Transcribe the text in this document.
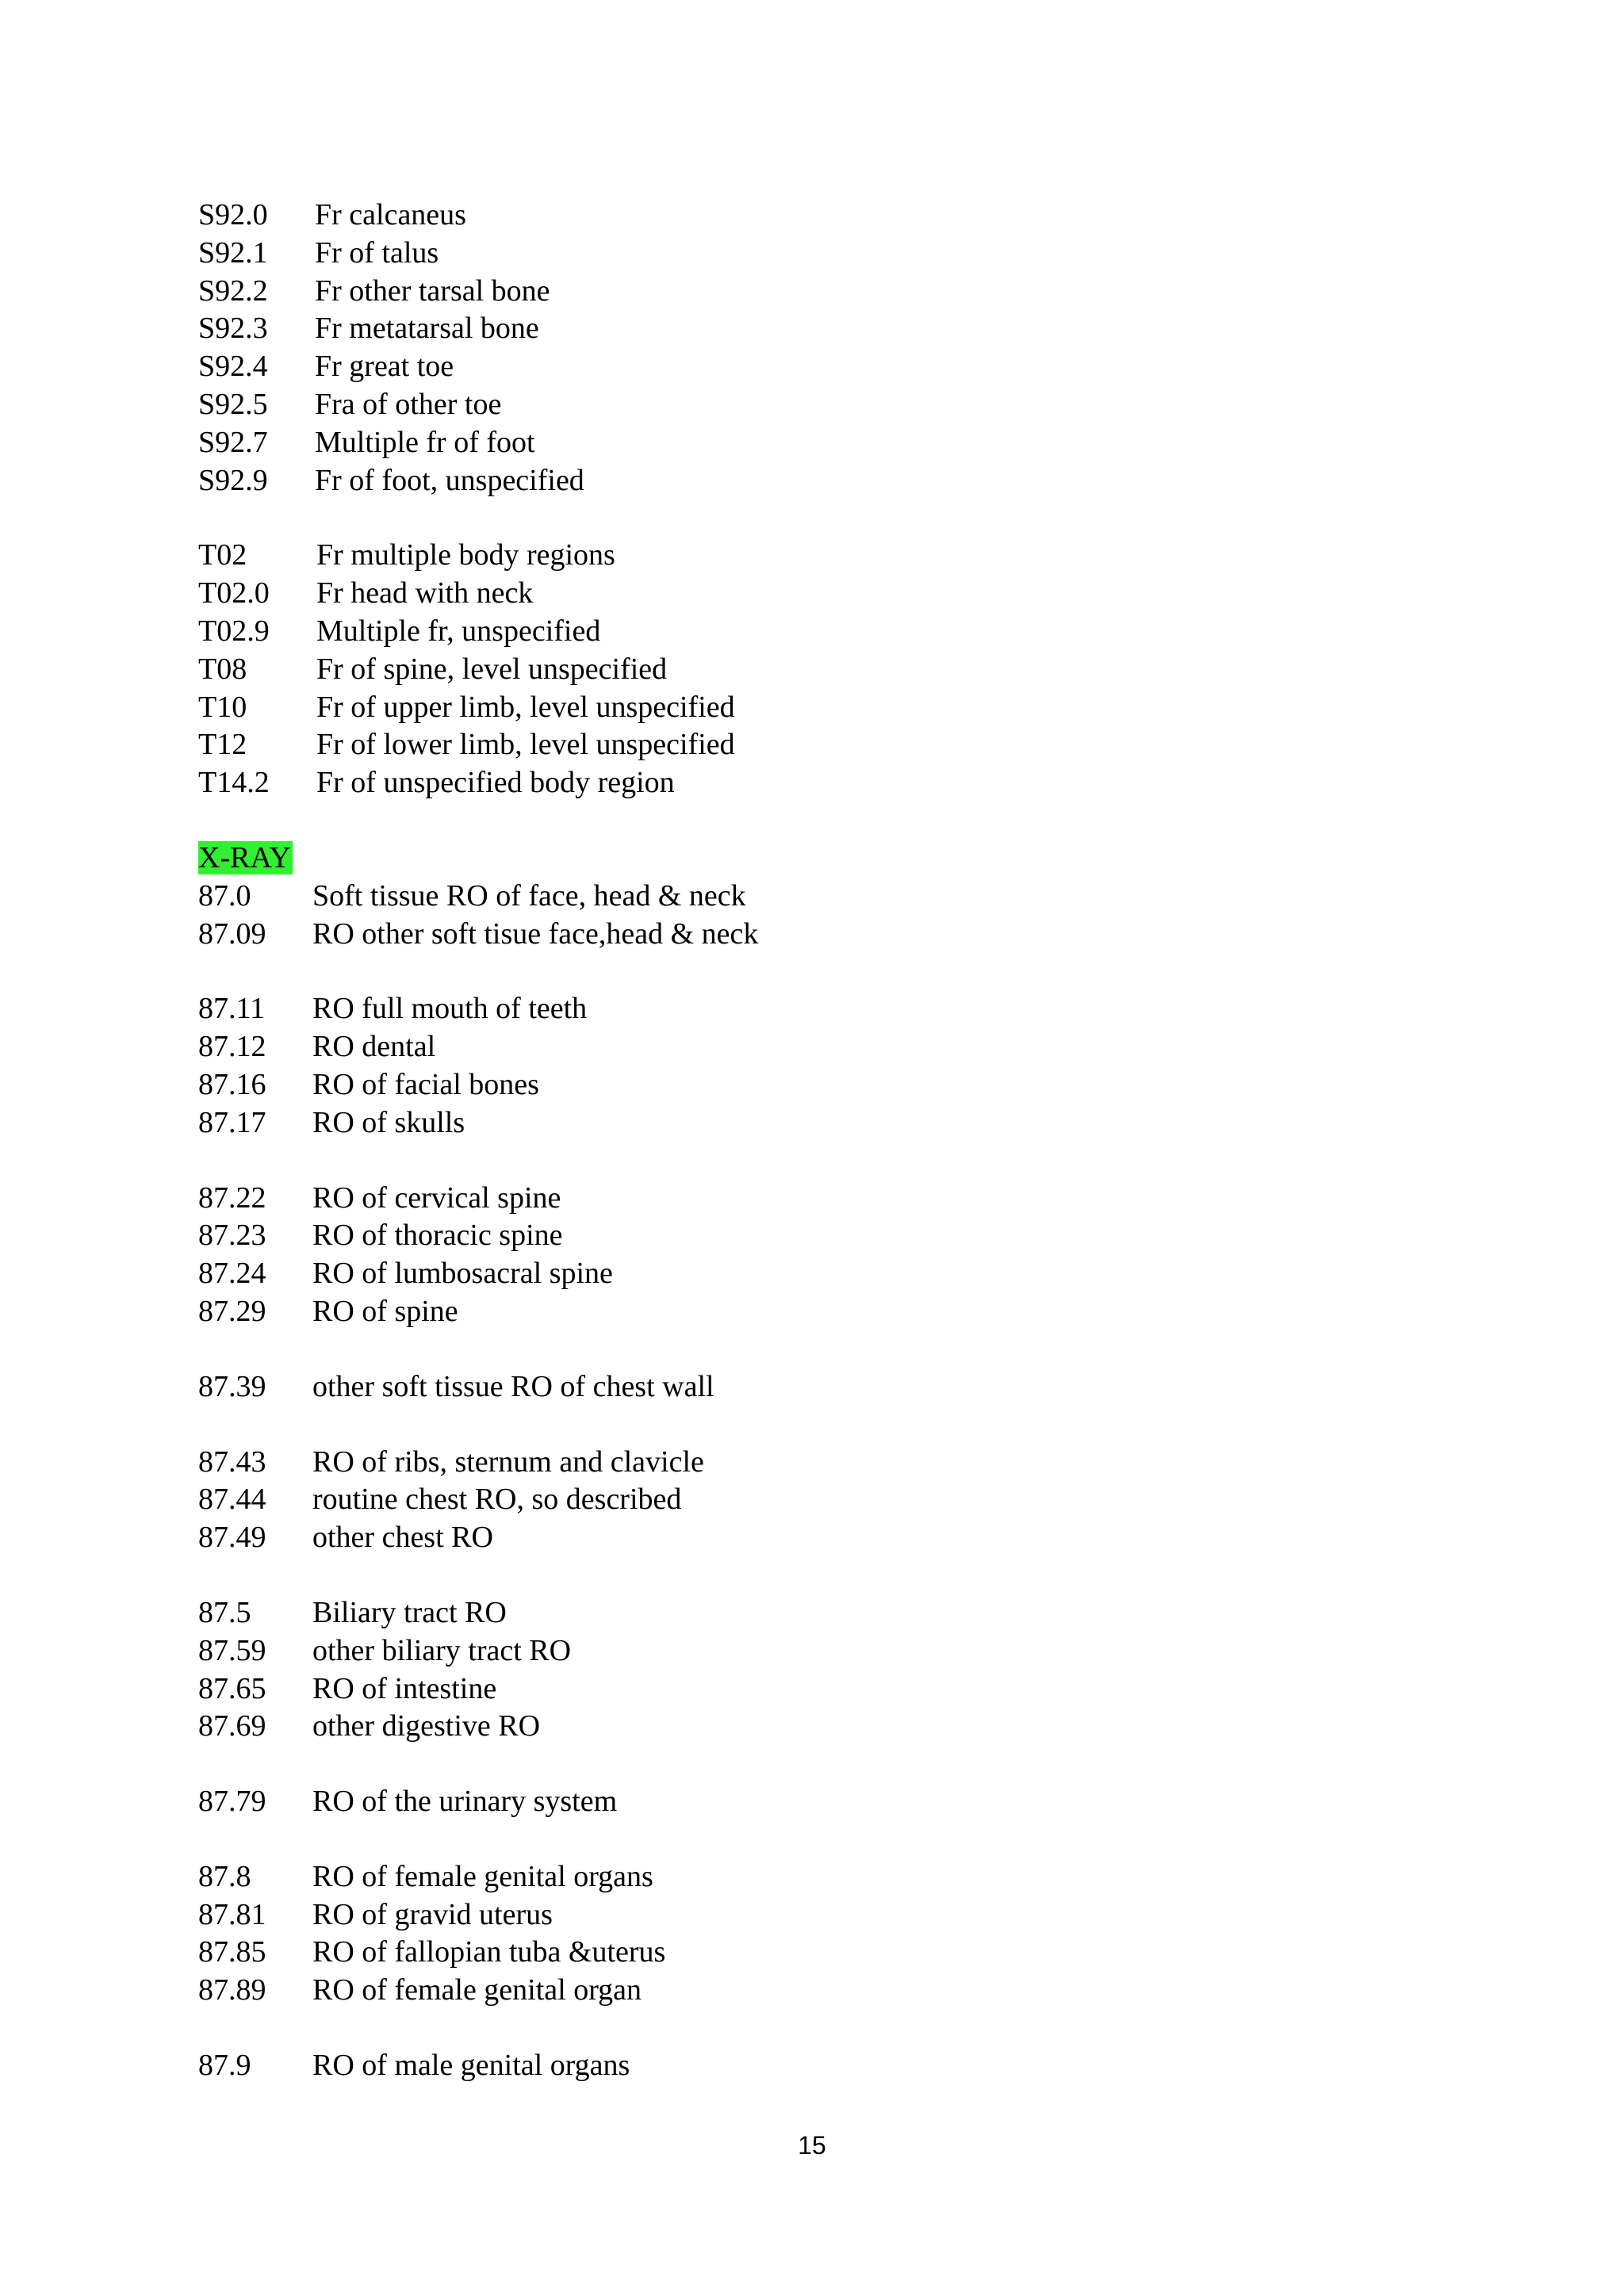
S92.0	Fr calcaneus
S92.1	Fr of talus
S92.2	Fr other tarsal bone
S92.3	Fr metatarsal bone
S92.4	Fr great toe
S92.5	Fra of other toe
S92.7	Multiple fr of foot
S92.9	Fr of foot, unspecified
T02	Fr multiple body regions
T02.0	Fr head with neck
T02.9	Multiple fr, unspecified
T08	Fr of spine, level unspecified
T10	Fr of upper limb, level unspecified
T12	Fr of lower limb, level unspecified
T14.2	Fr of unspecified body region
X-RAY
87.0	Soft tissue RO of face, head & neck
87.09	RO other soft tisue face,head & neck
87.11	RO full mouth of teeth
87.12	RO dental
87.16	RO of facial bones
87.17	RO of skulls
87.22	RO of cervical spine
87.23	RO of thoracic spine
87.24	RO of lumbosacral spine
87.29	RO of spine
87.39	other soft tissue RO of chest wall
87.43	RO of ribs, sternum and clavicle
87.44	routine chest RO, so described
87.49	other chest RO
87.5	Biliary tract RO
87.59	other biliary tract RO
87.65	RO of intestine
87.69	other digestive RO
87.79	RO of the urinary system
87.8	RO of female genital organs
87.81	RO of gravid uterus
87.85	RO of fallopian tuba &uterus
87.89	RO of female genital organ
87.9	RO of male genital organs
15
